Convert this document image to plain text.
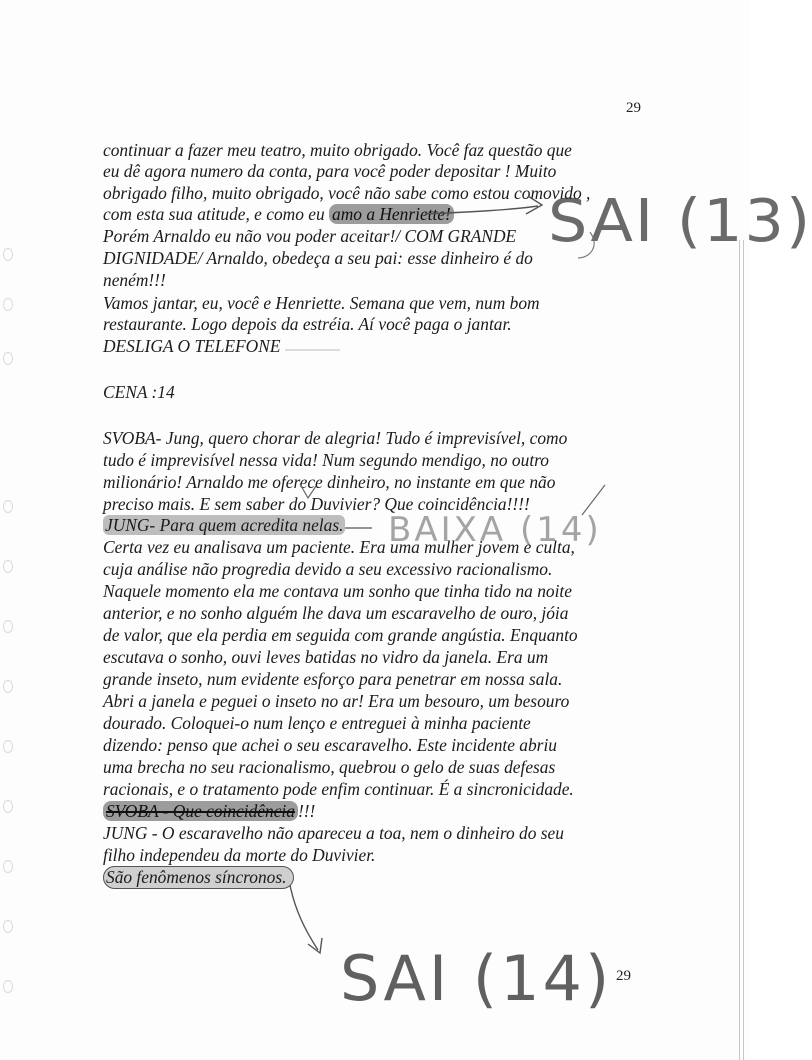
29
continuar a fazer meu teatro, muito obrigado. Você faz questão que
eu dê agora numero da conta, para você poder depositar ! Muito
obrigado filho, muito obrigado, você não sabe como estou comovido ,
com esta sua atitude, e como eu amo a Henriette!
Porém Arnaldo eu não vou poder aceitar!/ COM GRANDE
DIGNIDADE/ Arnaldo, obedeça a seu pai: esse dinheiro é do
neném!!!
Vamos jantar, eu, você e Henriette. Semana que vem, num bom
restaurante. Logo depois da estréia. Aí você paga o jantar.
DESLIGA O TELEFONE
CENA :14
SVOBA- Jung, quero chorar de alegria! Tudo é imprevisível, como
tudo é imprevisível nessa vida! Num segundo mendigo, no outro
milionário! Arnaldo me oferece dinheiro, no instante em que não
preciso mais. E sem saber do Duvivier? Que coincidência!!!!
JUNG- Para quem acredita nelas.
Certa vez eu analisava um paciente. Era uma mulher jovem e culta,
cuja análise não progredia devido a seu excessivo racionalismo.
Naquele momento ela me contava um sonho que tinha tido na noite
anterior, e no sonho alguém lhe dava um escaravelho de ouro, jóia
de valor, que ela perdia em seguida com grande angústia. Enquanto
escutava o sonho, ouvi leves batidas no vidro da janela. Era um
grande inseto, num evidente esforço para penetrar em nossa sala.
Abri a janela e peguei o inseto no ar! Era um besouro, um besouro
dourado. Coloquei-o num lenço e entreguei à minha paciente
dizendo: penso que achei o seu escaravelho. Este incidente abriu
uma brecha no seu racionalismo, quebrou o gelo de suas defesas
racionais, e o tratamento pode enfim continuar. É a sincronicidade.
SVOBA - Que coincidência !!!
JUNG - O escaravelho não apareceu a toa, nem o dinheiro do seu
filho independeu da morte do Duvivier.
São fenômenos síncronos.
29
SAI (13)
BAIXA (14)
SAI (14)
